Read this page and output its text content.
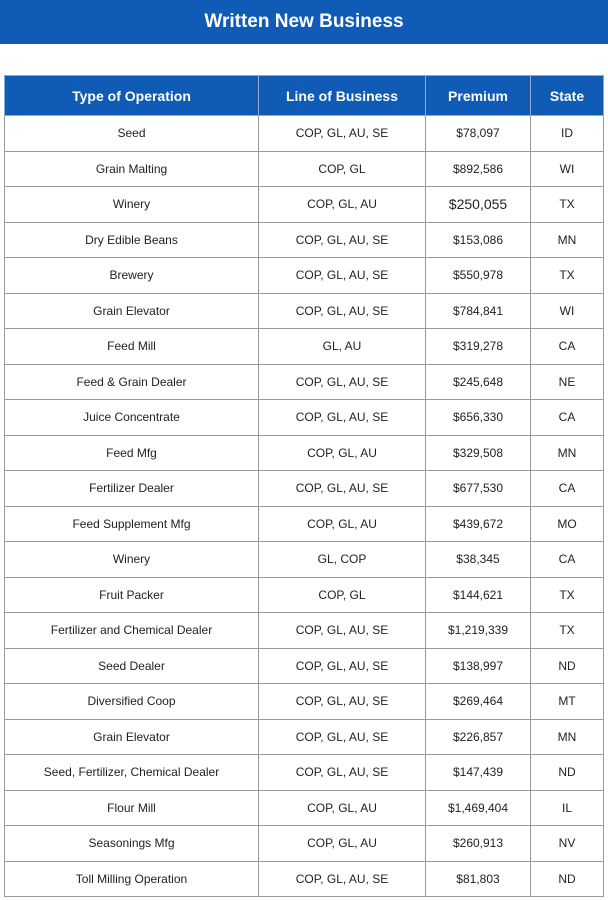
Written New Business
Type of Operation	Line of Business	Premium	State
Seed	COP, GL, AU, SE	$78,097	ID
Grain Malting	COP, GL	$892,586	WI
Winery	COP, GL, AU	$250,055	TX
Dry Edible Beans	COP, GL, AU, SE	$153,086	MN
Brewery	COP, GL, AU, SE	$550,978	TX
Grain Elevator	COP, GL, AU, SE	$784,841	WI
Feed Mill	GL, AU	$319,278	CA
Feed & Grain Dealer	COP, GL, AU, SE	$245,648	NE
Juice Concentrate	COP, GL, AU, SE	$656,330	CA
Feed Mfg	COP, GL, AU	$329,508	MN
Fertilizer Dealer	COP, GL, AU, SE	$677,530	CA
Feed Supplement Mfg	COP, GL, AU	$439,672	MO
Winery	GL, COP	$38,345	CA
Fruit Packer	COP, GL	$144,621	TX
Fertilizer and Chemical Dealer	COP, GL, AU, SE	$1,219,339	TX
Seed Dealer	COP, GL, AU, SE	$138,997	ND
Diversified Coop	COP, GL, AU, SE	$269,464	MT
Grain Elevator	COP, GL, AU, SE	$226,857	MN
Seed, Fertilizer, Chemical Dealer	COP, GL, AU, SE	$147,439	ND
Flour Mill	COP, GL, AU	$1,469,404	IL
Seasonings Mfg	COP, GL, AU	$260,913	NV
Toll Milling Operation	COP, GL, AU, SE	$81,803	ND
